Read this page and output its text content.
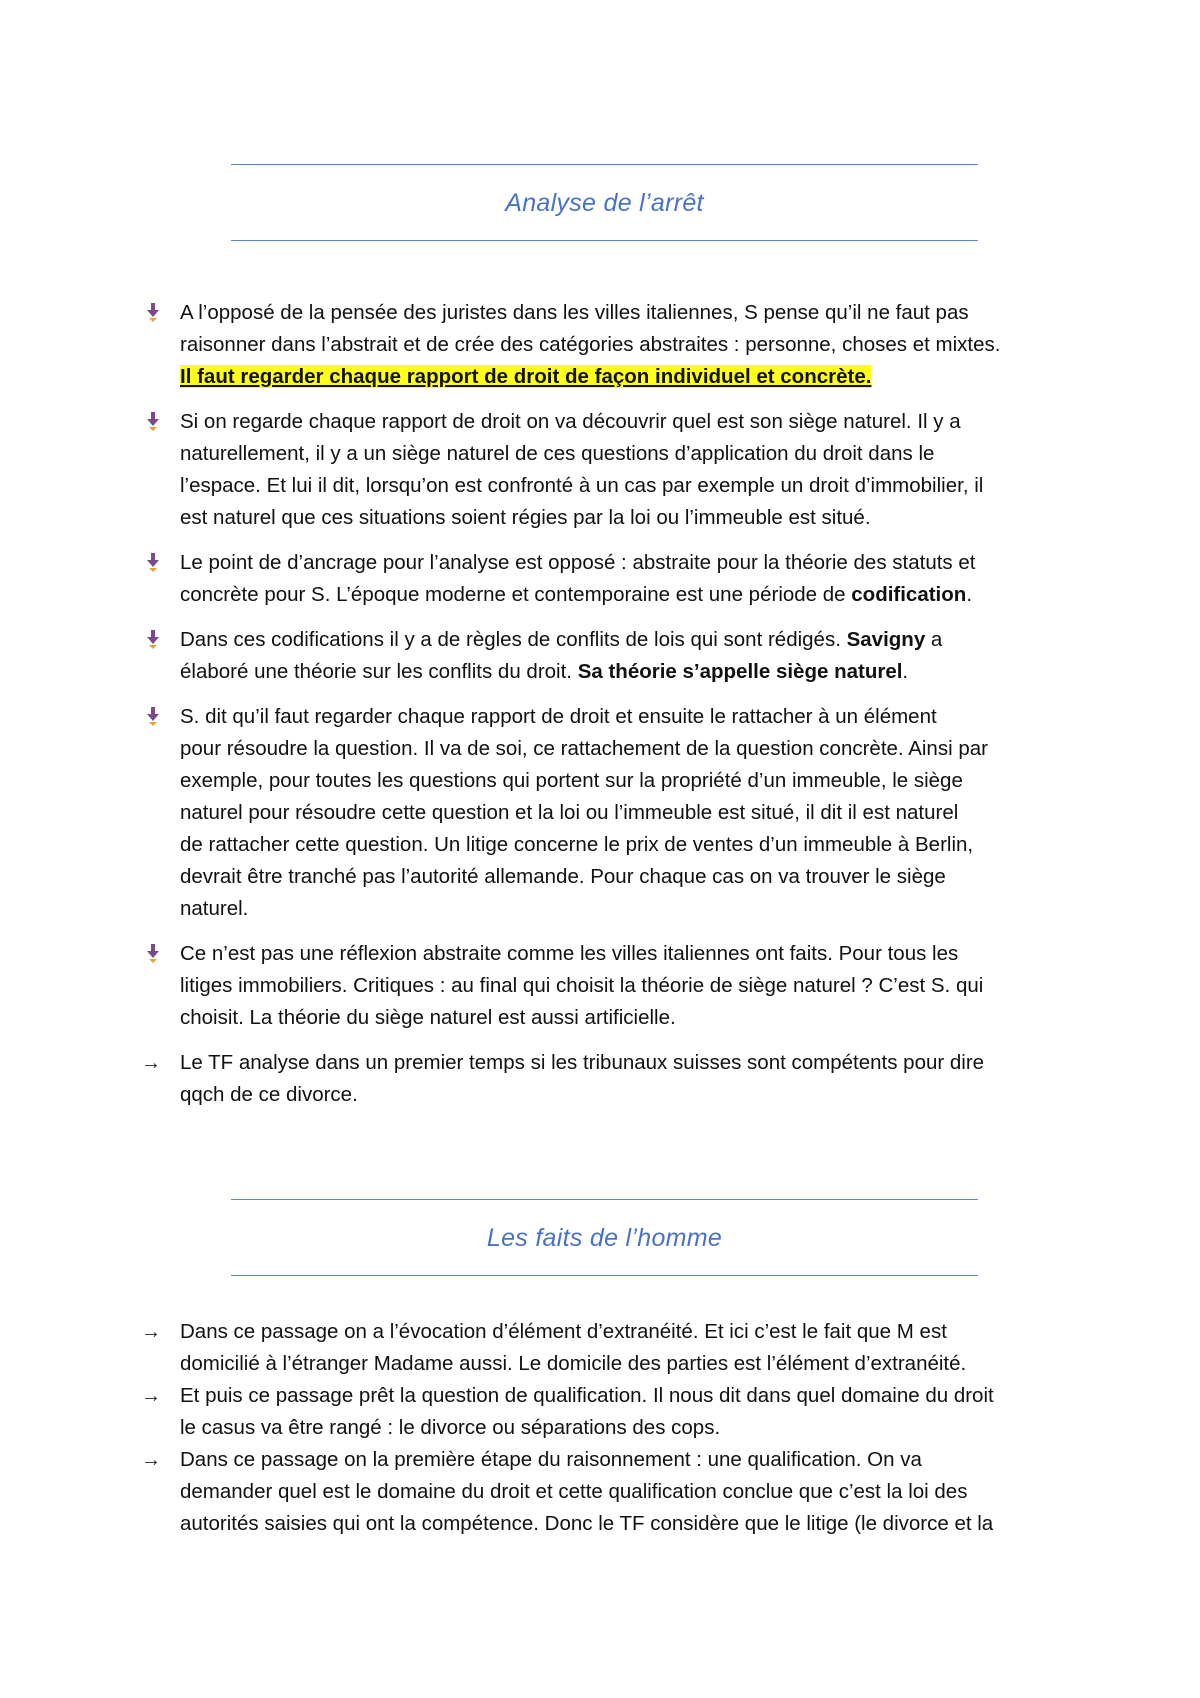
Analyse de l’arrêt
A l’opposé de la pensée des juristes dans les villes italiennes, S pense qu’il ne faut pas
raisonner dans l’abstrait et de crée des catégories abstraites : personne, choses et mixtes.
Il faut regarder chaque rapport de droit de façon individuel et concrète.
Si on regarde chaque rapport de droit on va découvrir quel est son siège naturel. Il y a
naturellement, il y a un siège naturel de ces questions d’application du droit dans le
l’espace. Et lui il dit, lorsqu’on est confronté à un cas par exemple un droit d’immobilier, il
est naturel que ces situations soient régies par la loi ou l’immeuble est situé.
Le point de d’ancrage pour l’analyse est opposé : abstraite pour la théorie des statuts et
concrète pour S. L’époque moderne et contemporaine est une période de codification.
Dans ces codifications il y a de règles de conflits de lois qui sont rédigés. Savigny a
élaboré une théorie sur les conflits du droit. Sa théorie s’appelle siège naturel.
S. dit qu’il faut regarder chaque rapport de droit et ensuite le rattacher à un élément
pour résoudre la question. Il va de soi, ce rattachement de la question concrète. Ainsi par
exemple, pour toutes les questions qui portent sur la propriété d’un immeuble, le siège
naturel pour résoudre cette question et la loi ou l’immeuble est situé, il dit il est naturel
de rattacher cette question. Un litige concerne le prix de ventes d’un immeuble à Berlin,
devrait être tranché pas l’autorité allemande. Pour chaque cas on va trouver le siège
naturel.
Ce n’est pas une réflexion abstraite comme les villes italiennes ont faits. Pour tous les
litiges immobiliers. Critiques : au final qui choisit la théorie de siège naturel ? C’est S. qui
choisit. La théorie du siège naturel est aussi artificielle.
→ Le TF analyse dans un premier temps si les tribunaux suisses sont compétents pour dire
qqch de ce divorce.
Les faits de l’homme
→ Dans ce passage on a l’évocation d’élément d’extranéité. Et ici c’est le fait que M est
domicilié à l’étranger Madame aussi. Le domicile des parties est l’élément d’extranéité.
→ Et puis ce passage prêt la question de qualification. Il nous dit dans quel domaine du droit
le casus va être rangé : le divorce ou séparations des cops.
→ Dans ce passage on la première étape du raisonnement : une qualification. On va
demander quel est le domaine du droit et cette qualification conclue que c’est la loi des
autorités saisies qui ont la compétence. Donc le TF considère que le litige (le divorce et la
